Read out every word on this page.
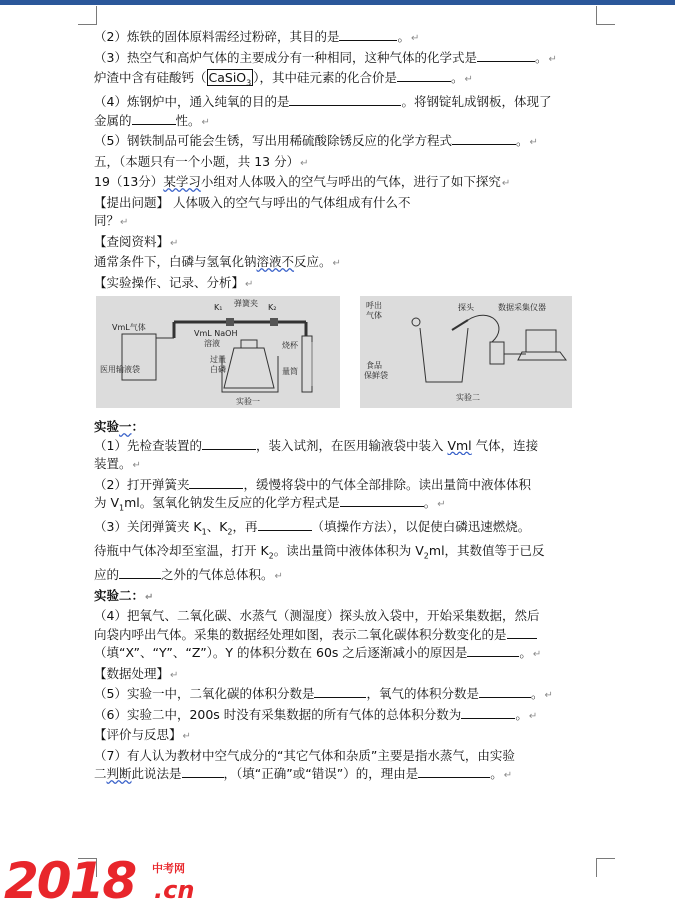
（2）炼铁的固体原料需经过粉碎，其目的是	。↵
（3）热空气和高炉气体的主要成分有一种相同，这种气体的化学式是	。↵
炉渣中含有硅酸钙（ CaSiO$_3$ ），其中硅元素的化合价是	。↵
（4）炼钢炉中，通入纯氧的目的是	。将钢锭轧成钢板，体现了
金属的	性。↵
（5）钢铁制品可能会生锈，写出用稀硫酸除锈反应的化学方程式	。↵
五，（本题只有一个小题，共 13 分）↵
19（13分）某学习小组对人体吸入的空气与呼出的气体，进行了如下探究↵
【提出问题】 人体吸入的空气与呼出的气体组成有什么不
同？↵
【查阅资料】↵
通常条件下，白磷与氢氧化钠溶液不反应。↵
【实验操作、记录、分析】↵
K₁ 弹簧夹 K₂
VmL气体
VmL NaOH
溶液	烧杯
过量
白磷
医用输液袋	量筒
实验一
呼出
气体
探头	数据采集仪器
食品
保鲜袋
实验二
实验一：
（1）先检查装置的	，装入试剂，在医用输液袋中装入 Vml 气体，连接
装置。↵
（2）打开弹簧夹	，缓慢将袋中的气体全部排除。读出量筒中液体体积
为 $V_1ml$。氢氧化钠发生反应的化学方程式是	。↵
（3）关闭弹簧夹 $K_1$、$K_2$，再	（填操作方法），以促使白磷迅速燃烧。
待瓶中气体冷却至室温，打开 $K_2$。读出量筒中液体体积为 $V_2ml$，其数值等于已反
应的	之外的气体总体积。↵
实验二：↵
（4）把氧气、二氧化碳、水蒸气（测湿度）探头放入袋中，开始采集数据，然后
向袋内呼出气体。采集的数据经处理如图，表示二氧化碳体积分数变化的是
（填“X”、“Y”、“Z”）。Y 的体积分数在 60s 之后逐渐减小的原因是	。↵
【数据处理】↵
（5）实验一中，二氧化碳的体积分数是	，氧气的体积分数是	。↵
（6）实验二中，200s 时没有采集数据的所有气体的总体积分数为	。↵
【评价与反思】↵
（7）有人认为教材中空气成分的“其它气体和杂质”主要是指水蒸气，由实验
二判断此说法是	，（填“正确”或“错误”）的，理由是	。↵
2018 中考网
.cn
